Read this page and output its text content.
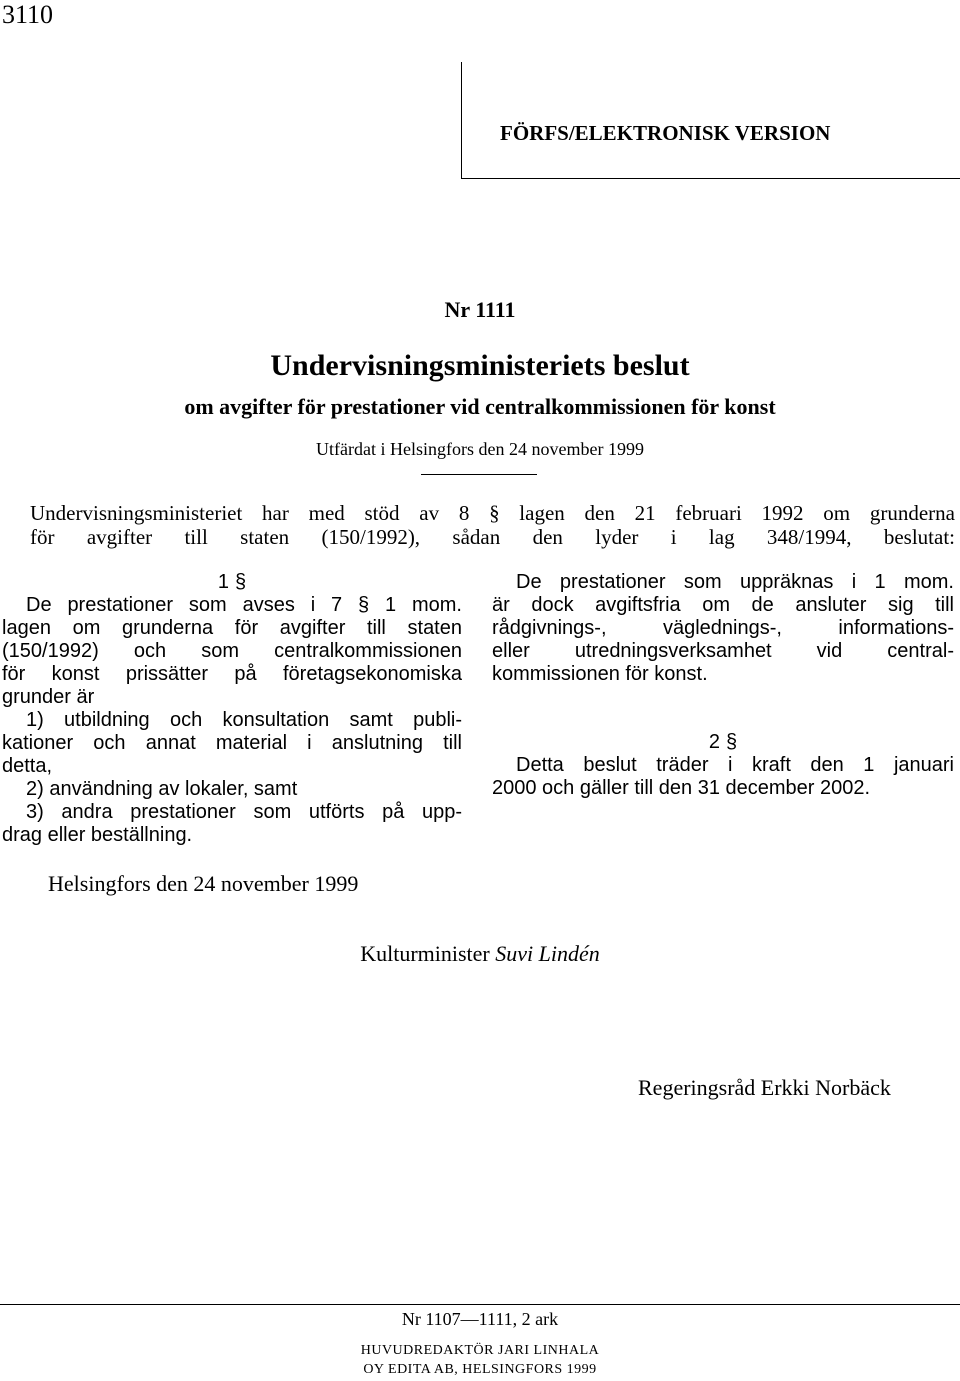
3110
FÖRFS/ELEKTRONISK VERSION
Nr 1111
Undervisningsministeriets beslut
om avgifter för prestationer vid centralkommissionen för konst
Utfärdat i Helsingfors den 24 november 1999
Undervisningsministeriet har med stöd av 8 § lagen den 21 februari 1992 om grunderna
för avgifter till staten (150/1992), sådan den lyder i lag 348/1994, beslutat:
1 §
De prestationer som avses i 7 § 1 mom.
lagen om grunderna för avgifter till staten
(150/1992) och som centralkommissionen
för konst prissätter på företagsekonomiska
grunder är
1) utbildning och konsultation samt publi-
kationer och annat material i anslutning till
detta,
2) användning av lokaler, samt
3) andra prestationer som utförts på upp-
drag eller beställning.
De prestationer som uppräknas i 1 mom.
är dock avgiftsfria om de ansluter sig till
rådgivnings-, väglednings-, informations-
eller utredningsverksamhet vid central-
kommissionen för konst.
2 §
Detta beslut träder i kraft den 1 januari
2000 och gäller till den 31 december 2002.
Helsingfors den 24 november 1999
Kulturminister Suvi Lindén
Regeringsråd Erkki Norbäck
Nr 1107—1111, 2 ark
HUVUDREDAKTÖR JARI LINHALA
OY EDITA AB, HELSINGFORS 1999
